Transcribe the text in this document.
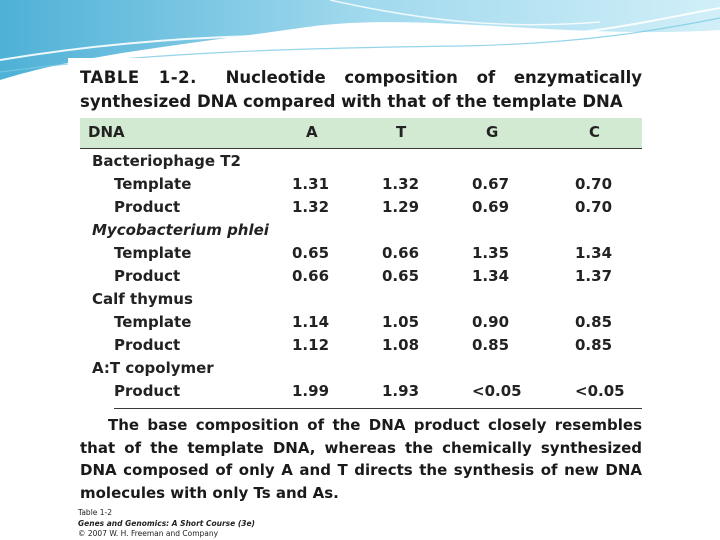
TABLE 1-2. Nucleotide composition of enzymatically
synthesized DNA compared with that of the template DNA
DNA	A	T	G	C
Bacteriophage T2
Template	1.31	1.32	0.67	0.70
Product	1.32	1.29	0.69	0.70
Mycobacterium phlei
Template	0.65	0.66	1.35	1.34
Product	0.66	0.65	1.34	1.37
Calf thymus
Template	1.14	1.05	0.90	0.85
Product	1.12	1.08	0.85	0.85
A:T copolymer
Product	1.99	1.93	<0.05	<0.05
The base composition of the DNA product closely resembles that of the template DNA, whereas the chemically synthesized DNA composed of only A and T directs the synthesis of new DNA molecules with only Ts and As.
Table 1-2
Genes and Genomics: A Short Course (3e)
© 2007 W. H. Freeman and Company
